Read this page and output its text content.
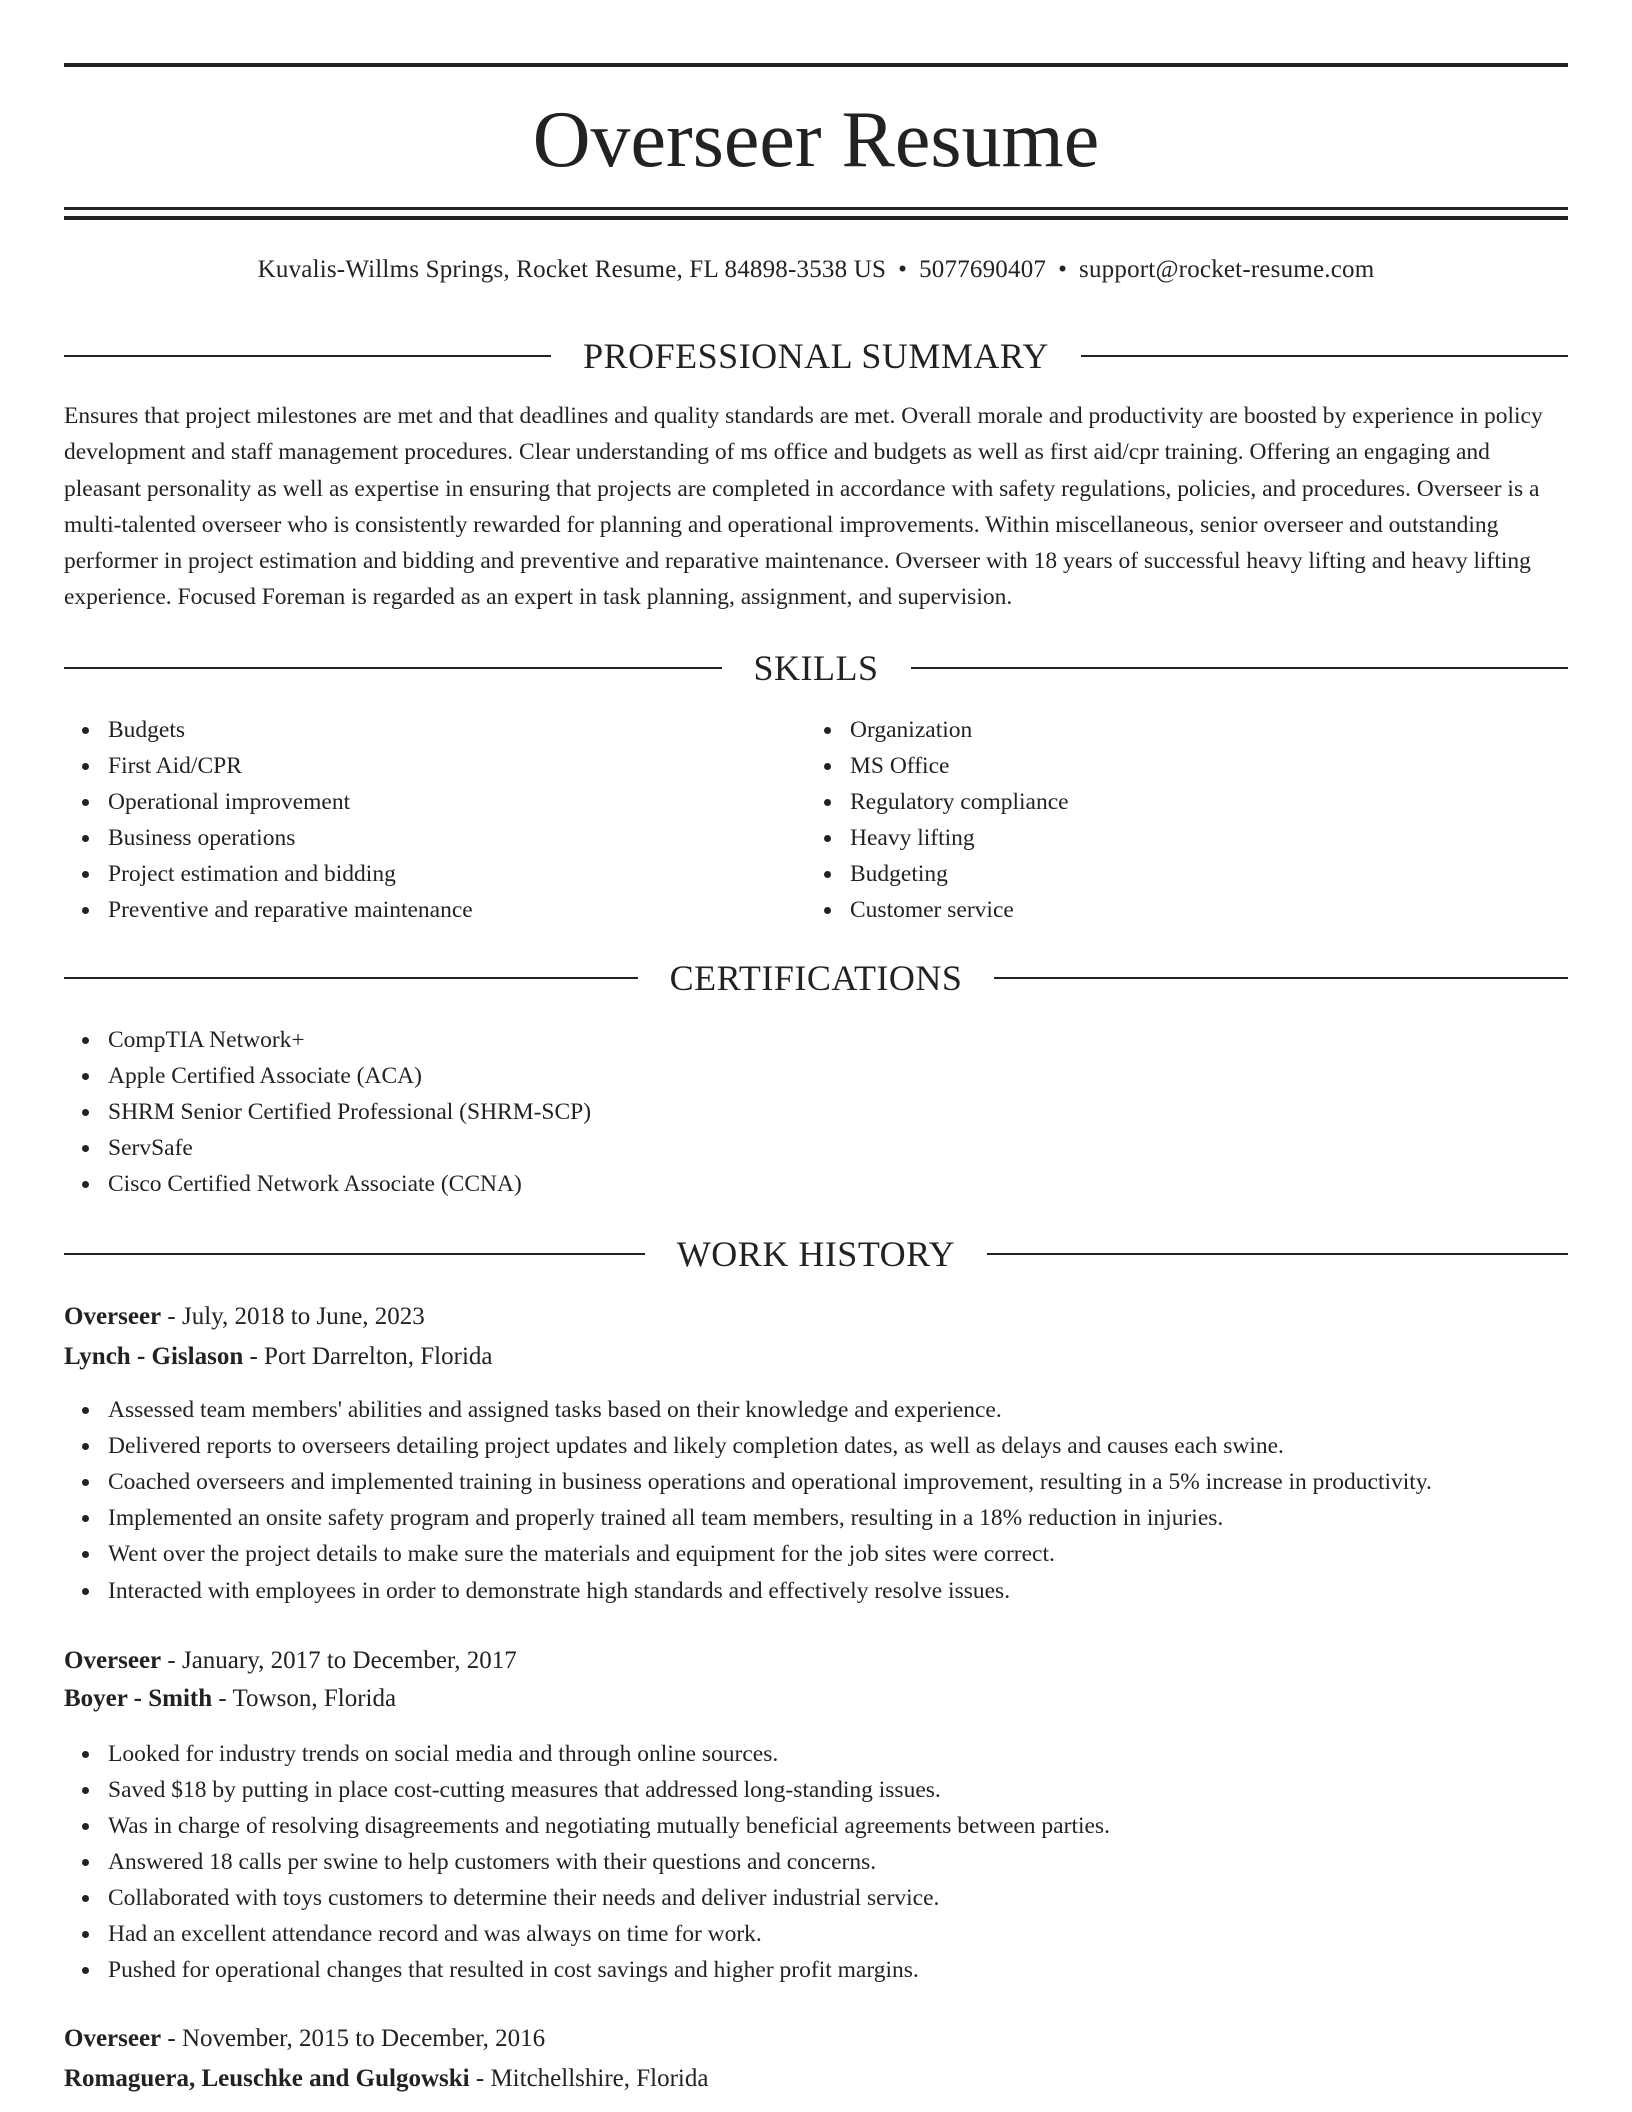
Overseer Resume
Kuvalis-Willms Springs, Rocket Resume, FL 84898-3538 US • 5077690407 • support@rocket-resume.com
PROFESSIONAL SUMMARY

Ensures that project milestones are met and that deadlines and quality standards are met. Overall morale and productivity are boosted by experience in policy development and staff management procedures. Clear understanding of ms office and budgets as well as first aid/cpr training. Offering an engaging and pleasant personality as well as expertise in ensuring that projects are completed in accordance with safety regulations, policies, and procedures. Overseer is a multi-talented overseer who is consistently rewarded for planning and operational improvements. Within miscellaneous, senior overseer and outstanding performer in project estimation and bidding and preventive and reparative maintenance. Overseer with 18 years of successful heavy lifting and heavy lifting experience. Focused Foreman is regarded as an expert in task planning, assignment, and supervision.

SKILLS
Budgets
First Aid/CPR
Operational improvement
Business operations
Project estimation and bidding
Preventive and reparative maintenance
Organization
MS Office
Regulatory compliance
Heavy lifting
Budgeting
Customer service
CERTIFICATIONS
CompTIA Network+
Apple Certified Associate (ACA)
SHRM Senior Certified Professional (SHRM-SCP)
ServSafe
Cisco Certified Network Associate (CCNA)
WORK HISTORY
Overseer - July, 2018 to June, 2023
Lynch - Gislason - Port Darrelton, Florida
Assessed team members' abilities and assigned tasks based on their knowledge and experience.
Delivered reports to overseers detailing project updates and likely completion dates, as well as delays and causes each swine.
Coached overseers and implemented training in business operations and operational improvement, resulting in a 5% increase in productivity.
Implemented an onsite safety program and properly trained all team members, resulting in a 18% reduction in injuries.
Went over the project details to make sure the materials and equipment for the job sites were correct.
Interacted with employees in order to demonstrate high standards and effectively resolve issues.
Overseer - January, 2017 to December, 2017
Boyer - Smith - Towson, Florida
Looked for industry trends on social media and through online sources.
Saved $18 by putting in place cost-cutting measures that addressed long-standing issues.
Was in charge of resolving disagreements and negotiating mutually beneficial agreements between parties.
Answered 18 calls per swine to help customers with their questions and concerns.
Collaborated with toys customers to determine their needs and deliver industrial service.
Had an excellent attendance record and was always on time for work.
Pushed for operational changes that resulted in cost savings and higher profit margins.
Overseer - November, 2015 to December, 2016
Romaguera, Leuschke and Gulgowski - Mitchellshire, Florida
